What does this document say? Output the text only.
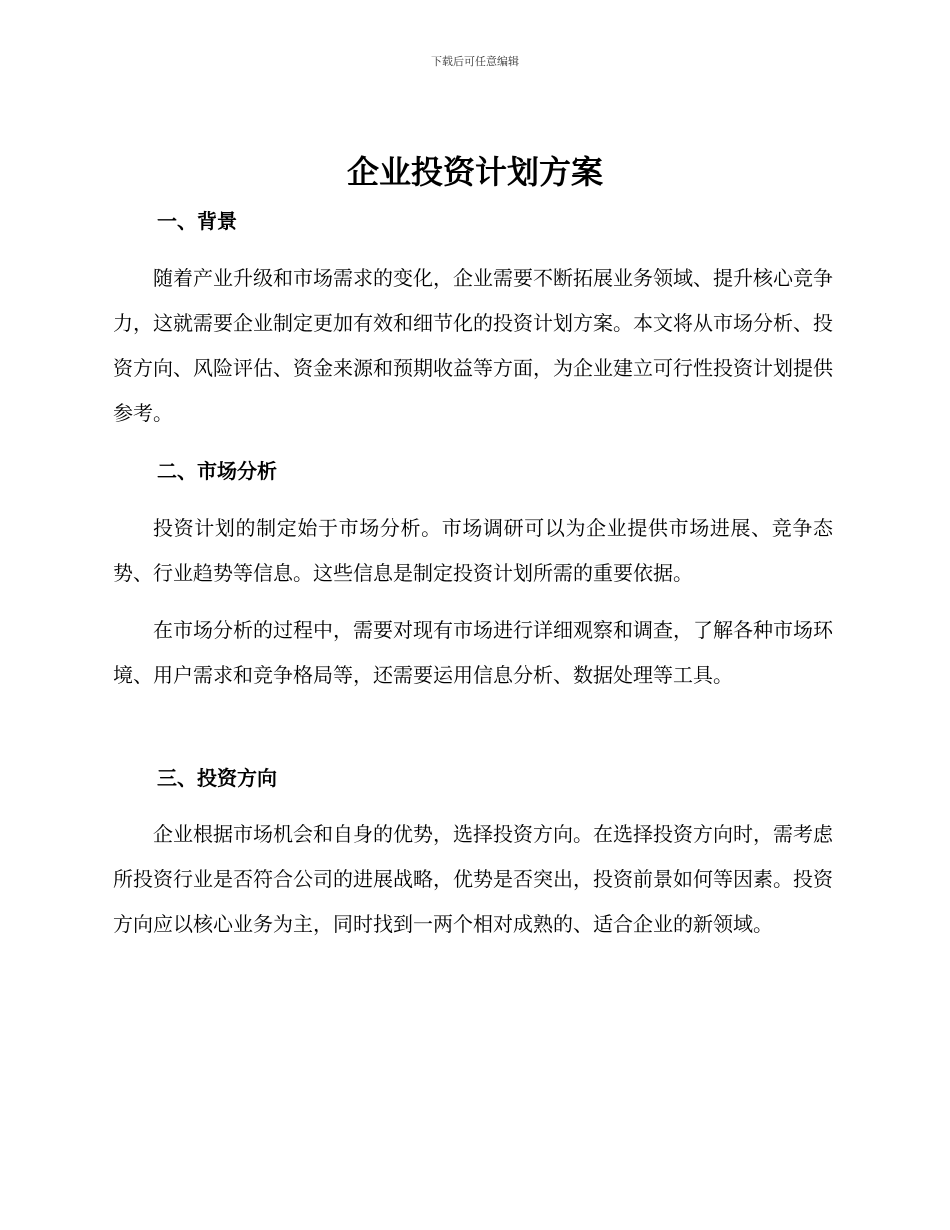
下载后可任意编辑
企业投资计划方案
一、背景

随着产业升级和市场需求的变化，企业需要不断拓展业务领域、提升核心竞争力，这就需要企业制定更加有效和细节化的投资计划方案。本文将从市场分析、投资方向、风险评估、资金来源和预期收益等方面，为企业建立可行性投资计划提供参考。

二、市场分析

投资计划的制定始于市场分析。市场调研可以为企业提供市场进展、竞争态势、行业趋势等信息。这些信息是制定投资计划所需的重要依据。

在市场分析的过程中，需要对现有市场进行详细观察和调查，了解各种市场环境、用户需求和竞争格局等，还需要运用信息分析、数据处理等工具。

三、投资方向

企业根据市场机会和自身的优势，选择投资方向。在选择投资方向时，需考虑所投资行业是否符合公司的进展战略，优势是否突出，投资前景如何等因素。投资方向应以核心业务为主，同时找到一两个相对成熟的、适合企业的新领域。
